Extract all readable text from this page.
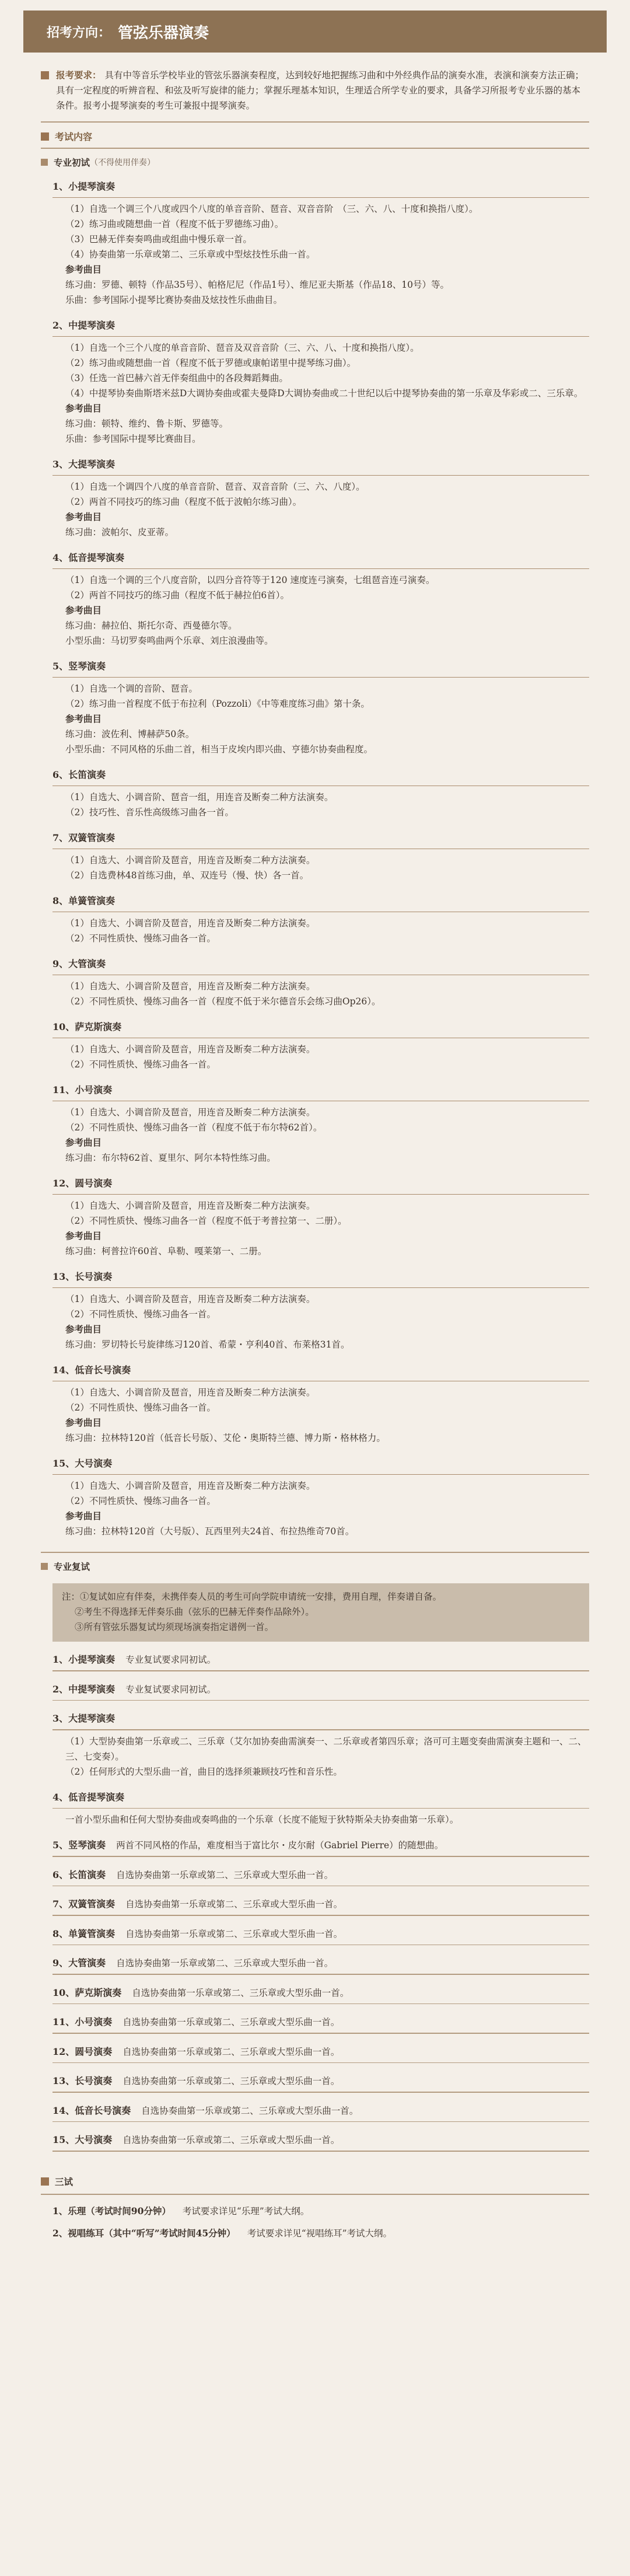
招考方向： 管弦乐器演奏
报考要求： 具有中等音乐学校毕业的管弦乐器演奏程度，达到较好地把握练习曲和中外经典作品的演奏水准，表演和演奏方法正确；具有一定程度的听辨音程、和弦及听写旋律的能力；掌握乐理基本知识，生理适合所学专业的要求，具备学习所报考专业乐器的基本条件。报考小提琴演奏的考生可兼报中提琴演奏。
考试内容
专业初试 （不得使用伴奏）
1、小提琴演奏
（1）自选一个调三个八度或四个八度的单音音阶、琶音、双音音阶　（三、六、八、十度和换指八度）。
（2）练习曲或随想曲一首（程度不低于罗德练习曲）。
（3）巴赫无伴奏奏鸣曲或组曲中慢乐章一首。
（4）协奏曲第一乐章或第二、三乐章或中型炫技性乐曲一首。
参考曲目
练习曲：罗德、顿特（作品35号）、帕格尼尼（作品1号）、维尼亚夫斯基（作品18、10号）等。
乐曲：参考国际小提琴比赛协奏曲及炫技性乐曲曲目。
2、中提琴演奏
（1）自选一个三个八度的单音音阶、琶音及双音音阶（三、六、八、十度和换指八度）。
（2）练习曲或随想曲一首（程度不低于罗德或康帕诺里中提琴练习曲）。
（3）任选一首巴赫六首无伴奏组曲中的各段舞蹈舞曲。
（4）中提琴协奏曲斯塔米兹D大调协奏曲或霍夫曼降D大调协奏曲或二十世纪以后中提琴协奏曲的第一乐章及华彩或二、三乐章。
参考曲目
练习曲：顿特、维约、鲁卡斯、罗德等。
乐曲：参考国际中提琴比赛曲目。
3、大提琴演奏
（1）自选一个调四个八度的单音音阶、琶音、双音音阶（三、六、八度）。
（2）两首不同技巧的练习曲（程度不低于波帕尔练习曲）。
参考曲目
练习曲：波帕尔、皮亚蒂。
4、低音提琴演奏
（1）自选一个调的三个八度音阶，以四分音符等于120 速度连弓演奏，七组琶音连弓演奏。
（2）两首不同技巧的练习曲（程度不低于赫拉伯6首）。
参考曲目
练习曲：赫拉伯、斯托尔奇、西曼德尔等。
小型乐曲：马切罗奏鸣曲两个乐章、刘庄浪漫曲等。
5、竖琴演奏
（1）自选一个调的音阶、琶音。
（2）练习曲一首程度不低于布拉利（Pozzoli）《中等难度练习曲》第十条。
参考曲目
练习曲：波佐利、博赫萨50条。
小型乐曲：不同风格的乐曲二首，相当于皮埃内即兴曲、亨德尔协奏曲程度。
6、长笛演奏
（1）自选大、小调音阶、琶音一组，用连音及断奏二种方法演奏。
（2）技巧性、音乐性高级练习曲各一首。
7、双簧管演奏
（1）自选大、小调音阶及琶音，用连音及断奏二种方法演奏。
（2）自选费林48首练习曲，单、双连号（慢、快）各一首。
8、单簧管演奏
（1）自选大、小调音阶及琶音，用连音及断奏二种方法演奏。
（2）不同性质快、慢练习曲各一首。
9、大管演奏
（1）自选大、小调音阶及琶音，用连音及断奏二种方法演奏。
（2）不同性质快、慢练习曲各一首（程度不低于米尔德音乐会练习曲Op26）。
10、萨克斯演奏
（1）自选大、小调音阶及琶音，用连音及断奏二种方法演奏。
（2）不同性质快、慢练习曲各一首。
11、小号演奏
（1）自选大、小调音阶及琶音，用连音及断奏二种方法演奏。
（2）不同性质快、慢练习曲各一首（程度不低于布尔特62首）。
参考曲目
练习曲：布尔特62首、夏里尔、阿尔本特性练习曲。
12、圆号演奏
（1）自选大、小调音阶及琶音，用连音及断奏二种方法演奏。
（2）不同性质快、慢练习曲各一首（程度不低于考普拉第一、二册）。
参考曲目
练习曲：柯普拉许60首、阜勒、嘎莱第一、二册。
13、长号演奏
（1）自选大、小调音阶及琶音，用连音及断奏二种方法演奏。
（2）不同性质快、慢练习曲各一首。
参考曲目
练习曲：罗切特长号旋律练习120首、希蒙・亨利40首、布莱格31首。
14、低音长号演奏
（1）自选大、小调音阶及琶音，用连音及断奏二种方法演奏。
（2）不同性质快、慢练习曲各一首。
参考曲目
练习曲：拉林特120首（低音长号版）、艾伦・奥斯特兰德、博力斯・格林格力。
15、大号演奏
（1）自选大、小调音阶及琶音，用连音及断奏二种方法演奏。
（2）不同性质快、慢练习曲各一首。
参考曲目
练习曲：拉林特120首（大号版）、瓦西里列夫24首、布拉热维奇70首。
专业复试
注：①复试如应有伴奏，未携伴奏人员的考生可向学院申请统一安排，费用自理，伴奏谱自备。
②考生不得选择无伴奏乐曲（弦乐的巴赫无伴奏作品除外）。
③所有管弦乐器复试均须现场演奏指定谱例一首。
1、小提琴演奏 专业复试要求同初试。
2、中提琴演奏 专业复试要求同初试。
3、大提琴演奏
（1）大型协奏曲第一乐章或二、三乐章（艾尔加协奏曲需演奏一、二乐章或者第四乐章；洛可可主题变奏曲需演奏主题和一、二、三、七变奏）。
（2）任何形式的大型乐曲一首，曲目的选择须兼顾技巧性和音乐性。
4、低音提琴演奏
一首小型乐曲和任何大型协奏曲或奏鸣曲的一个乐章（长度不能短于狄特斯朵夫协奏曲第一乐章）。
5、竖琴演奏 两首不同风格的作品，难度相当于富比尔・皮尔耐（Gabriel Pierre）的随想曲。
6、长笛演奏 自选协奏曲第一乐章或第二、三乐章或大型乐曲一首。
7、双簧管演奏 自选协奏曲第一乐章或第二、三乐章或大型乐曲一首。
8、单簧管演奏 自选协奏曲第一乐章或第二、三乐章或大型乐曲一首。
9、大管演奏 自选协奏曲第一乐章或第二、三乐章或大型乐曲一首。
10、萨克斯演奏 自选协奏曲第一乐章或第二、三乐章或大型乐曲一首。
11、小号演奏 自选协奏曲第一乐章或第二、三乐章或大型乐曲一首。
12、圆号演奏 自选协奏曲第一乐章或第二、三乐章或大型乐曲一首。
13、长号演奏 自选协奏曲第一乐章或第二、三乐章或大型乐曲一首。
14、低音长号演奏 自选协奏曲第一乐章或第二、三乐章或大型乐曲一首。
15、大号演奏 自选协奏曲第一乐章或第二、三乐章或大型乐曲一首。
三试
1、乐理（考试时间90分钟） 考试要求详见“乐理”考试大纲。
2、视唱练耳（其中“听写”考试时间45分钟） 考试要求详见“视唱练耳”考试大纲。
